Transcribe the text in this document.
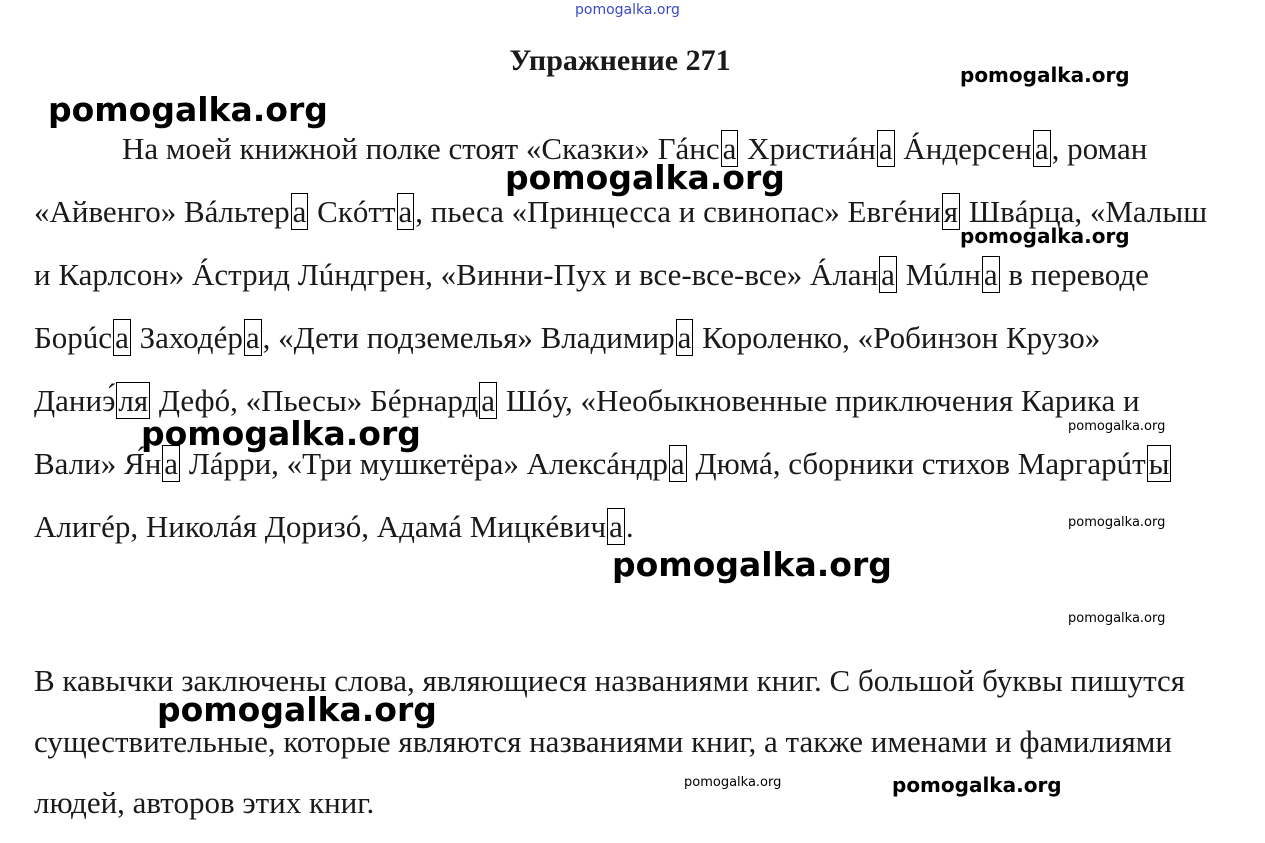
pomogalka.org
Упражнение 271
На моей книжной полке стоят «Сказки» Гáнса Христиáна Áндерсена, роман «Айвенго» Вáльтера Скóтта, пьеса «Принцесса и свинопас» Евгéния Швáрца, «Малыш и Карлсон» Áстрид Лúндгрен, «Винни-Пух и все-все-все» Áлана Мúлна в переводе Борúса Заходéра, «Дети подземелья» Владимира Короленко, «Робинзон Крузо» Даниэ́ля Дефó, «Пьесы» Бéрнарда Шóу, «Необыкновенные приключения Карика и Вали» Я́на Лáрри, «Три мушкетёра» Алексáндра Дюмá, сборники стихов Маргарúты Алигéр, Николáя Доризó, Адамá Мицкéвича.
В кавычки заключены слова, являющиеся названиями книг. С большой буквы пишутся существительные, которые являются названиями книг, а также именами и фамилиями людей, авторов этих книг.
pomogalka.org
pomogalka.org
pomogalka.org
pomogalka.org
pomogalka.org	pomogalka.org
pomogalka.org
pomogalka.org
pomogalka.org
pomogalka.org
pomogalka.org	pomogalka.org
